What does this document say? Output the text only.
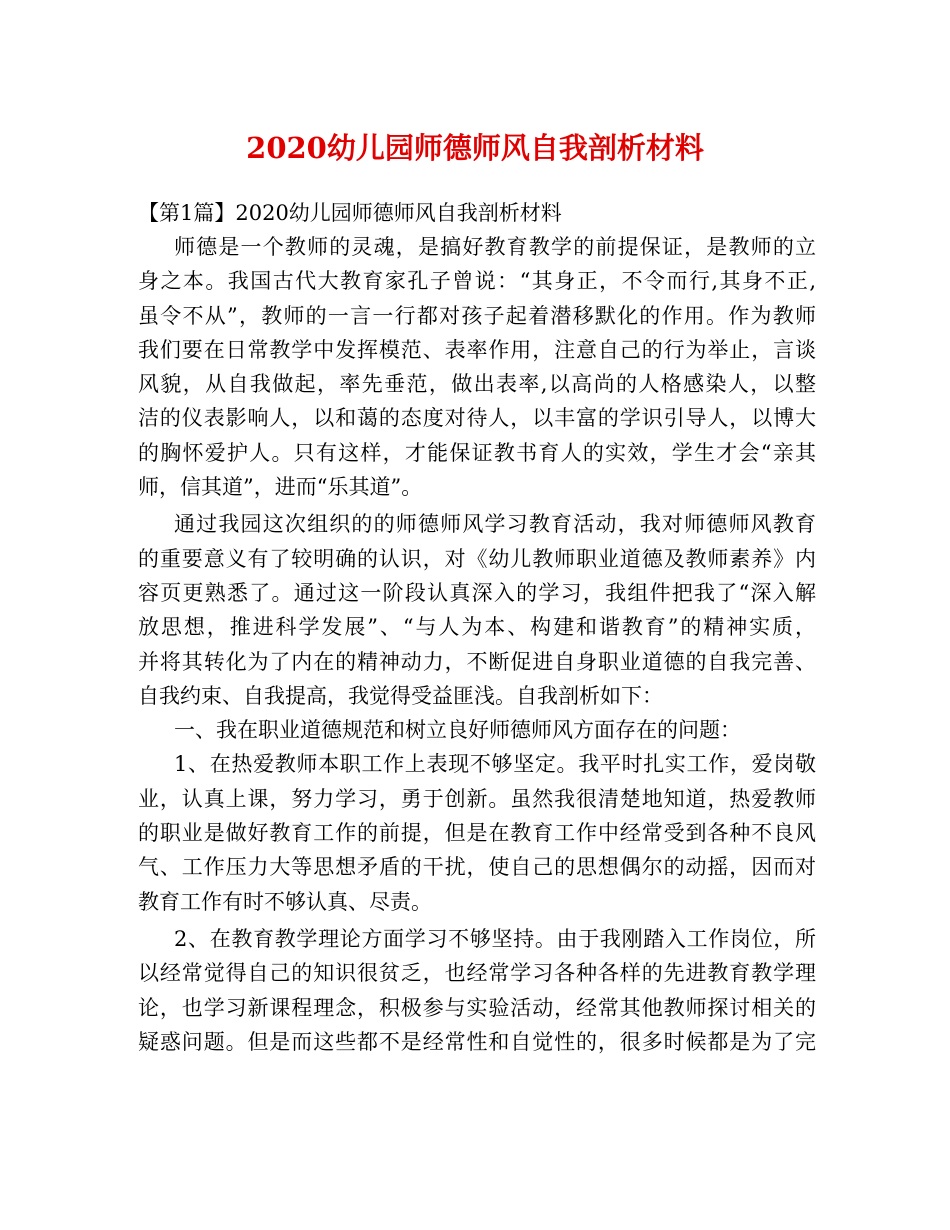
2020幼儿园师德师风自我剖析材料
【第1篇】2020幼儿园师德师风自我剖析材料
师德是一个教师的灵魂，是搞好教育教学的前提保证，是教师的立
身之本。我国古代大教育家孔子曾说：“其身正，不令而行,其身不正,
虽令不从”，教师的一言一行都对孩子起着潜移默化的作用。作为教师
我们要在日常教学中发挥模范、表率作用，注意自己的行为举止，言谈
风貌，从自我做起，率先垂范，做出表率,以高尚的人格感染人，以整
洁的仪表影响人，以和蔼的态度对待人，以丰富的学识引导人，以博大
的胸怀爱护人。只有这样，才能保证教书育人的实效，学生才会“亲其
师，信其道”，进而“乐其道”。
通过我园这次组织的的师德师风学习教育活动，我对师德师风教育
的重要意义有了较明确的认识，对《幼儿教师职业道德及教师素养》内
容页更熟悉了。通过这一阶段认真深入的学习，我组件把我了“深入解
放思想，推进科学发展”、“与人为本、构建和谐教育”的精神实质，
并将其转化为了内在的精神动力，不断促进自身职业道德的自我完善、
自我约束、自我提高，我觉得受益匪浅。自我剖析如下：
一、我在职业道德规范和树立良好师德师风方面存在的问题：
1、在热爱教师本职工作上表现不够坚定。我平时扎实工作，爱岗敬
业，认真上课，努力学习，勇于创新。虽然我很清楚地知道，热爱教师
的职业是做好教育工作的前提，但是在教育工作中经常受到各种不良风
气、工作压力大等思想矛盾的干扰，使自己的思想偶尔的动摇，因而对
教育工作有时不够认真、尽责。
2、在教育教学理论方面学习不够坚持。由于我刚踏入工作岗位，所
以经常觉得自己的知识很贫乏，也经常学习各种各样的先进教育教学理
论，也学习新课程理念，积极参与实验活动，经常其他教师探讨相关的
疑惑问题。但是而这些都不是经常性和自觉性的，很多时候都是为了完
